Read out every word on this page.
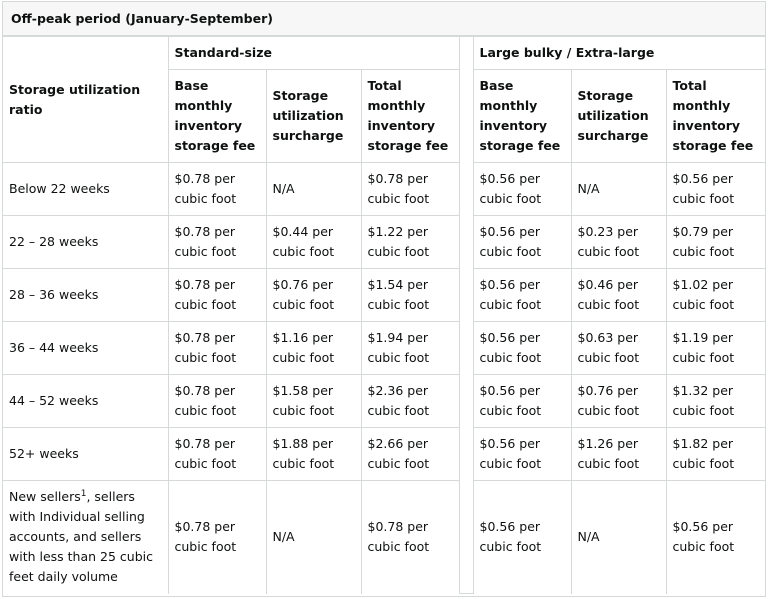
Off-peak period (January-September)
Storage utilization ratio	Standard-size				Large bulky / Extra-large		
	Base monthly inventory storage fee	Storage utilization surcharge	Total monthly inventory storage fee		Base monthly inventory storage fee	Storage utilization surcharge	Total monthly inventory storage fee
Below 22 weeks	$0.78 per cubic foot	N/A	$0.78 per cubic foot		$0.56 per cubic foot	N/A	$0.56 per cubic foot
22 – 28 weeks	$0.78 per cubic foot	$0.44 per cubic foot	$1.22 per cubic foot		$0.56 per cubic foot	$0.23 per cubic foot	$0.79 per cubic foot
28 – 36 weeks	$0.78 per cubic foot	$0.76 per cubic foot	$1.54 per cubic foot		$0.56 per cubic foot	$0.46 per cubic foot	$1.02 per cubic foot
36 – 44 weeks	$0.78 per cubic foot	$1.16 per cubic foot	$1.94 per cubic foot		$0.56 per cubic foot	$0.63 per cubic foot	$1.19 per cubic foot
44 – 52 weeks	$0.78 per cubic foot	$1.58 per cubic foot	$2.36 per cubic foot		$0.56 per cubic foot	$0.76 per cubic foot	$1.32 per cubic foot
52+ weeks	$0.78 per cubic foot	$1.88 per cubic foot	$2.66 per cubic foot		$0.56 per cubic foot	$1.26 per cubic foot	$1.82 per cubic foot
New sellers$^1$, sellers with Individual selling accounts, and sellers with less than 25 cubic feet daily volume	$0.78 per cubic foot	N/A	$0.78 per cubic foot		$0.56 per cubic foot	N/A	$0.56 per cubic foot
